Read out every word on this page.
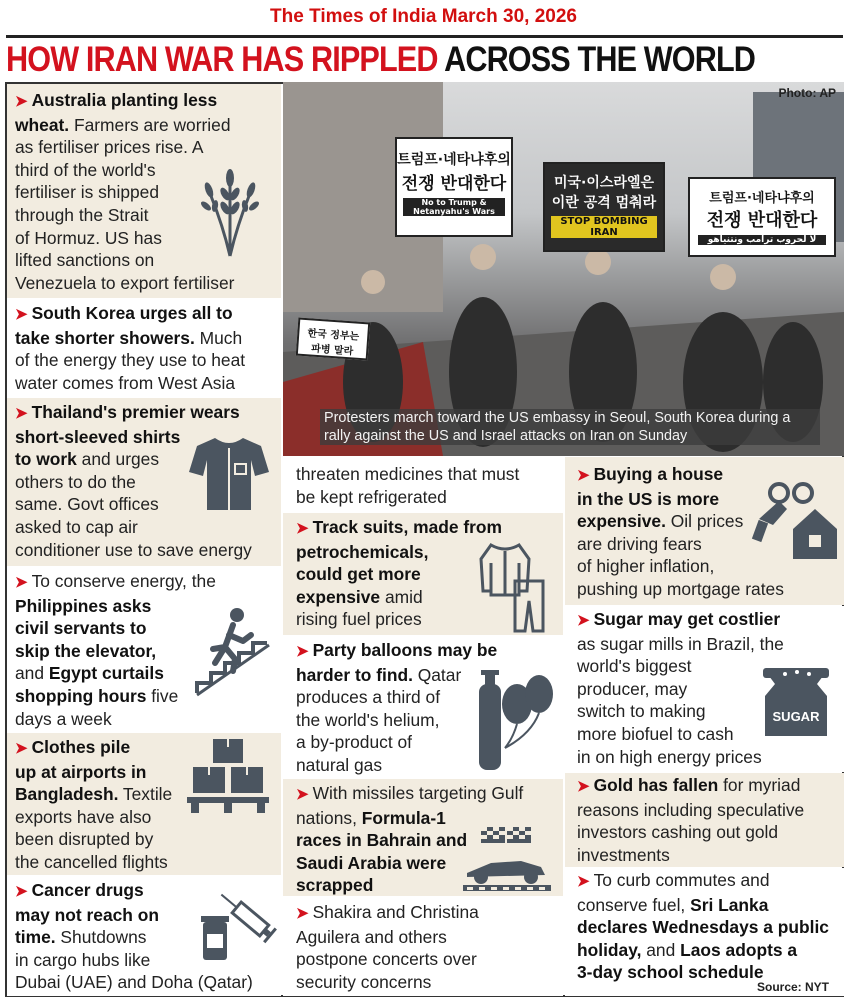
The Times of India March 30, 2026
HOW IRAN WAR HAS RIPPLED ACROSS THE WORLD
➤ Australia planting less
wheat. Farmers are worried
as fertiliser prices rise. A
third of the world's
fertiliser is shipped
through the Strait
of Hormuz. US has
lifted sanctions on
Venezuela to export fertiliser
➤ South Korea urges all to
take shorter showers. Much
of the energy they use to heat
water comes from West Asia
➤ Thailand's premier wears
short-sleeved shirts
to work and urges
others to do the
same. Govt offices
asked to cap air
conditioner use to save energy
➤ To conserve energy, the
Philippines asks
civil servants to
skip the elevator,
and Egypt curtails
shopping hours five
days a week
➤ Clothes pile
up at airports in
Bangladesh. Textile
exports have also
been disrupted by
the cancelled flights
➤ Cancer drugs
may not reach on
time. Shutdowns
in cargo hubs like
Dubai (UAE) and Doha (Qatar)
Photo: AP
트럼프·네타냐후의
전쟁 반대한다
No to Trump & Netanyahu's Wars
미국·이스라엘은
이란 공격 멈춰라
STOP BOMBING IRAN
트럼프·네타냐후의
전쟁 반대한다
لا لحروب ترامب ونتنياهو
한국 정부는
파병 말라
Protesters march toward the US embassy in Seoul, South Korea during a
rally against the US and Israel attacks on Iran on Sunday
threaten medicines that must
be kept refrigerated
➤ Track suits, made from
petrochemicals,
could get more
expensive amid
rising fuel prices
➤ Party balloons may be
harder to find. Qatar
produces a third of
the world's helium,
a by-product of
natural gas
➤ With missiles targeting Gulf
nations, Formula-1
races in Bahrain and
Saudi Arabia were
scrapped
➤ Shakira and Christina
Aguilera and others
postpone concerts over
security concerns
➤ Buying a house
in the US is more
expensive. Oil prices
are driving fears
of higher inflation,
pushing up mortgage rates
➤ Sugar may get costlier
as sugar mills in Brazil, the
world's biggest
producer, may
switch to making
more biofuel to cash
in on high energy prices
SUGAR
➤ Gold has fallen for myriad
reasons including speculative
investors cashing out gold
investments
➤ To curb commutes and
conserve fuel, Sri Lanka
declares Wednesdays a public
holiday, and Laos adopts a
3-day school schedule
Source: NYT
